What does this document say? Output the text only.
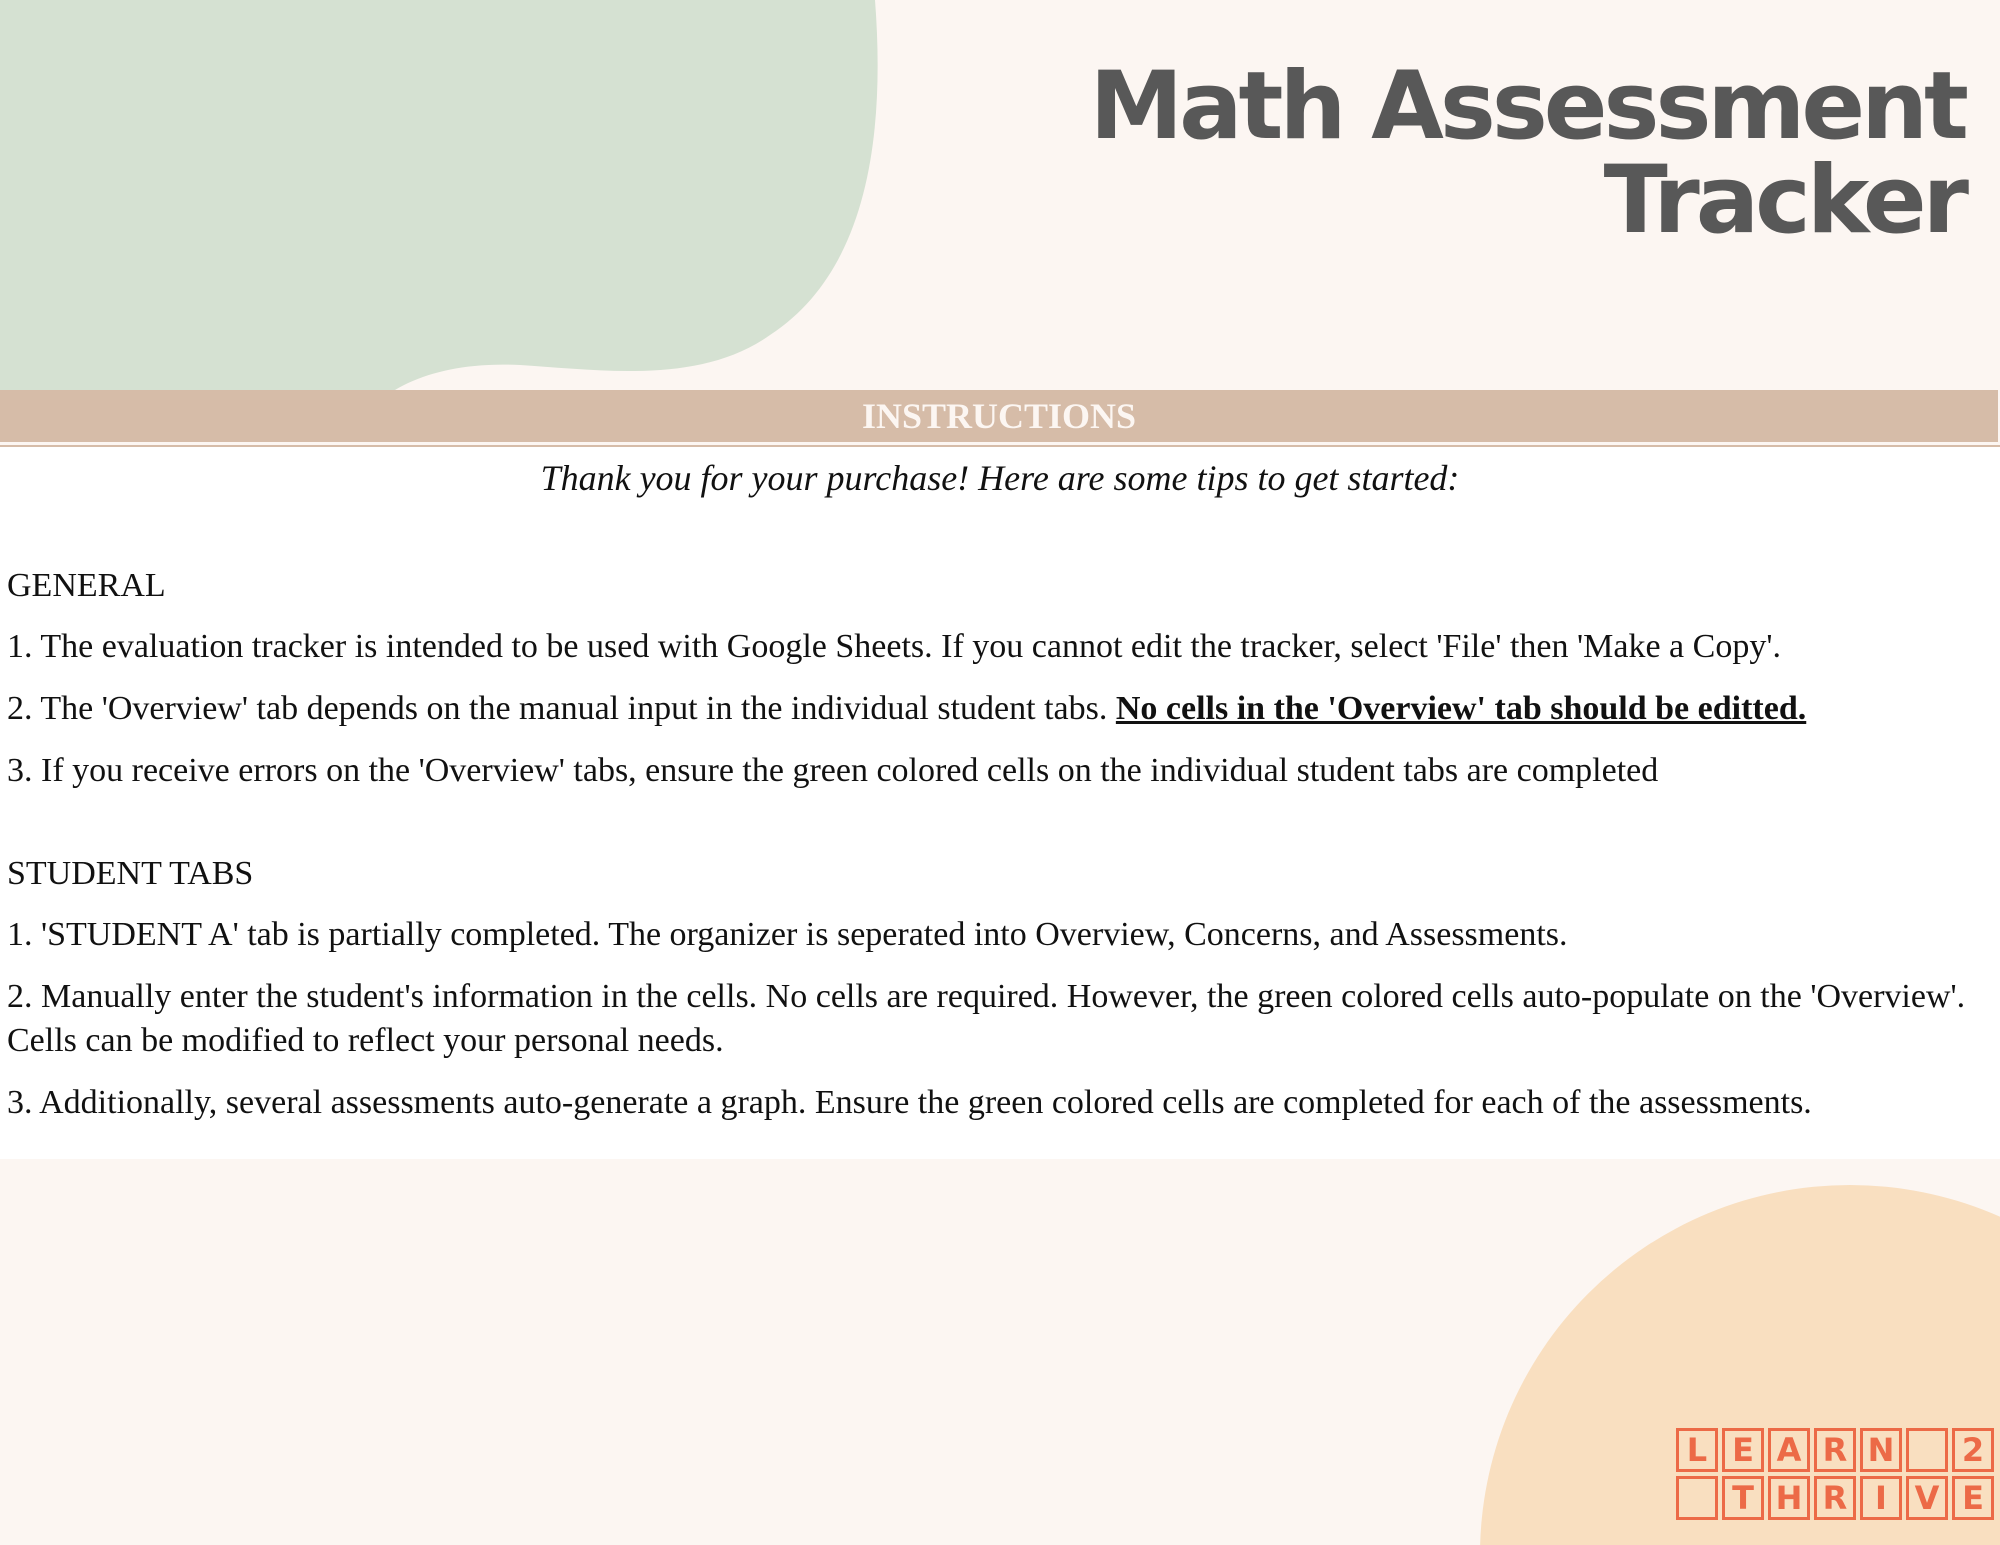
Math Assessment
Tracker
INSTRUCTIONS
Thank you for your purchase! Here are some tips to get started:
GENERAL
1. The evaluation tracker is intended to be used with Google Sheets. If you cannot edit the tracker, select 'File' then 'Make a Copy'.
2. The 'Overview' tab depends on the manual input in the individual student tabs. No cells in the 'Overview' tab should be editted.
3. If you receive errors on the 'Overview' tabs, ensure the green colored cells on the individual student tabs are completed
STUDENT TABS
1. 'STUDENT A' tab is partially completed. The organizer is seperated into Overview, Concerns, and Assessments.
2. Manually enter the student's information in the cells. No cells are required. However, the green colored cells auto-populate on the 'Overview'. Cells can be modified to reflect your personal needs.
3. Additionally, several assessments auto-generate a graph. Ensure the green colored cells are completed for each of the assessments.
L E A R N	2
T H R I V E
